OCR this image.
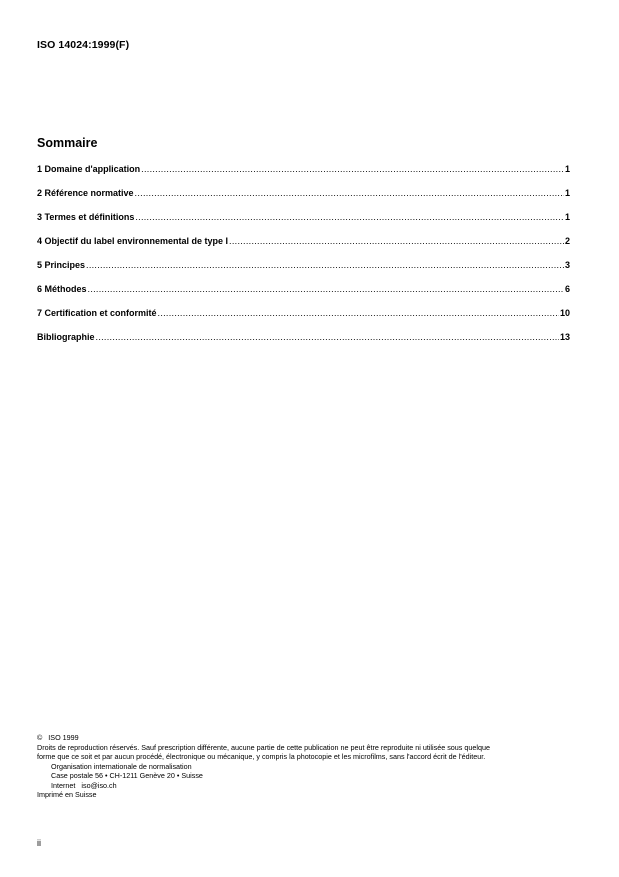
ISO 14024:1999(F)
Sommaire
1 Domaine d'application .....	1
2 Référence normative .....	1
3 Termes et définitions .....	1
4 Objectif du label environnemental de type I .....	2
5 Principes .....	3
6 Méthodes .....	6
7 Certification et conformité .....	10
Bibliographie .....	13
© ISO 1999
Droits de reproduction réservés. Sauf prescription différente, aucune partie de cette publication ne peut être reproduite ni utilisée sous quelque
forme que ce soit et par aucun procédé, électronique ou mécanique, y compris la photocopie et les microfilms, sans l'accord écrit de l'éditeur.
Organisation internationale de normalisation
Case postale 56 • CH-1211 Genève 20 • Suisse
Internet iso@iso.ch
Imprimé en Suisse
ii
